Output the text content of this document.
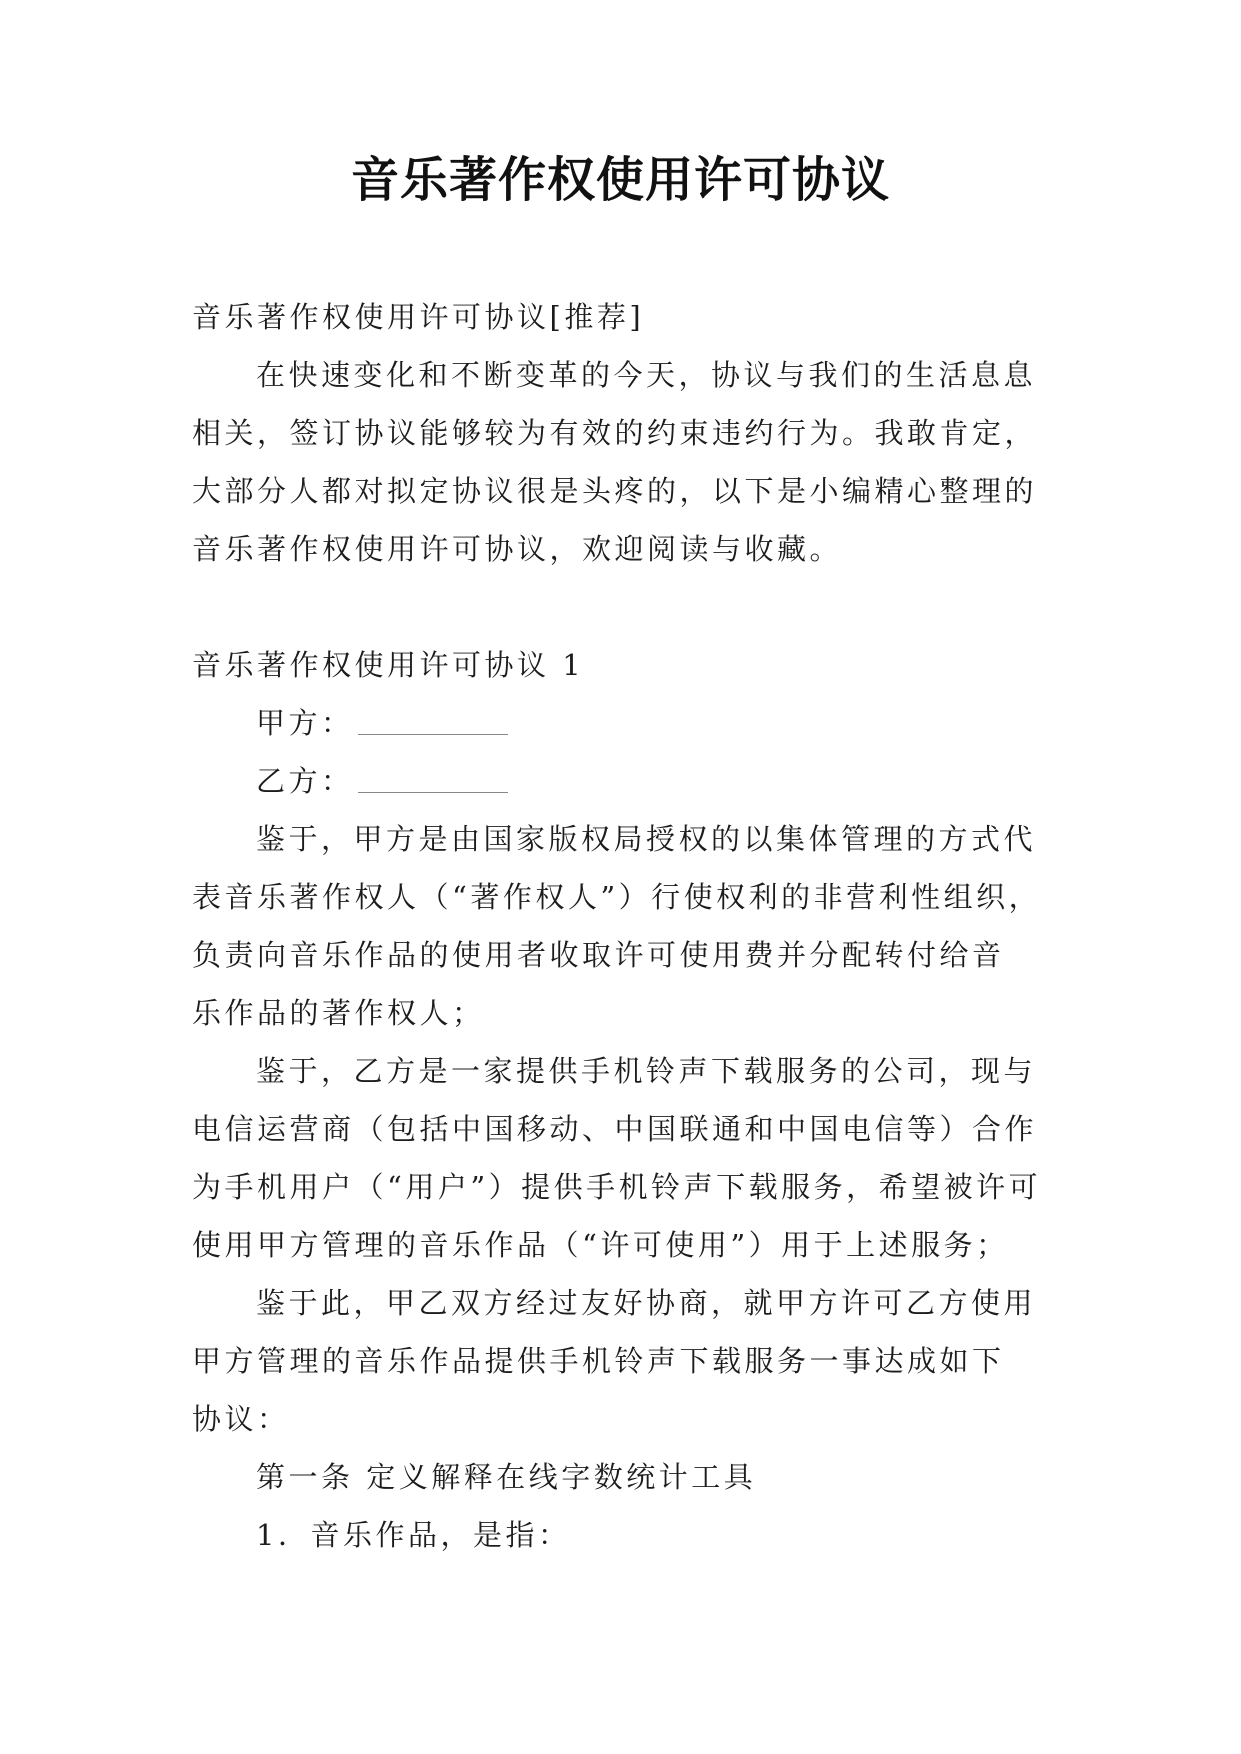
音乐著作权使用许可协议
音乐著作权使用许可协议[推荐]
在快速变化和不断变革的今天，协议与我们的生活息息
相关，签订协议能够较为有效的约束违约行为。我敢肯定，
大部分人都对拟定协议很是头疼的，以下是小编精心整理的
音乐著作权使用许可协议，欢迎阅读与收藏。
音乐著作权使用许可协议 1
甲方：
乙方：
鉴于，甲方是由国家版权局授权的以集体管理的方式代
表音乐著作权人（“著作权人”）行使权利的非营利性组织，
负责向音乐作品的使用者收取许可使用费并分配转付给音
乐作品的著作权人；
鉴于，乙方是一家提供手机铃声下载服务的公司，现与
电信运营商（包括中国移动、中国联通和中国电信等）合作
为手机用户（“用户”）提供手机铃声下载服务，希望被许可
使用甲方管理的音乐作品（“许可使用”）用于上述服务；
鉴于此，甲乙双方经过友好协商，就甲方许可乙方使用
甲方管理的音乐作品提供手机铃声下载服务一事达成如下
协议：
第一条 定义解释在线字数统计工具
1．音乐作品，是指：
